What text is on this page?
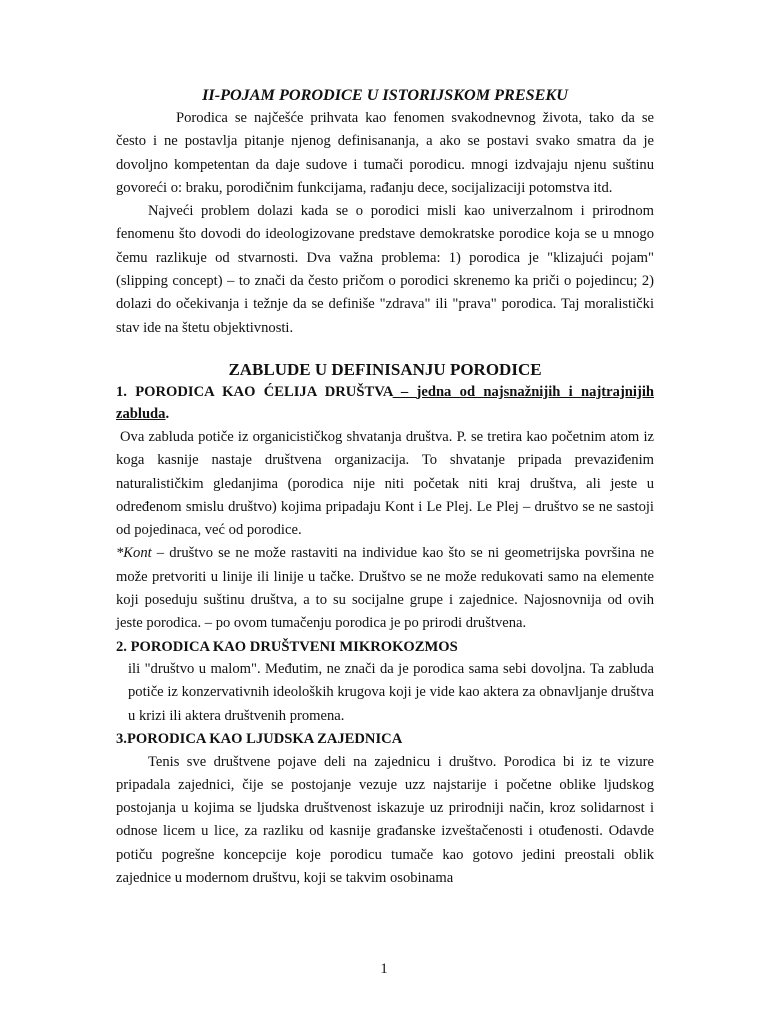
II-POJAM PORODICE U ISTORIJSKOM PRESEKU

Porodica se najčešće prihvata kao fenomen svakodnevnog života, tako da se često i ne postavlja pitanje njenog definisananja, a ako se postavi svako smatra da je dovoljno kompetentan da daje sudove i tumači porodicu. mnogi izdvajaju njenu suštinu govoreći o: braku, porodičnim funkcijama, rađanju dece, socijalizaciji potomstva itd.

Najveći problem dolazi kada se o porodici misli kao univerzalnom i prirodnom fenomenu što dovodi do ideologizovane predstave demokratske porodice koja se u mnogo čemu razlikuje od stvarnosti. Dva važna problema: 1) porodica je "klizajući pojam" (slipping concept) – to znači da često pričom o porodici skrenemo ka priči o pojedincu; 2) dolazi do očekivanja i težnje da se definiše "zdrava" ili "prava" porodica. Taj moralistički stav ide na štetu objektivnosti.

ZABLUDE U DEFINISANJU PORODICE

1. PORODICA KAO ĆELIJA DRUŠTVA – jedna od najsnažnijih i najtrajnijih zabluda.

Ova zabluda potiče iz organicističkog shvatanja društva. P. se tretira kao početnim atom iz koga kasnije nastaje društvena organizacija. To shvatanje pripada prevaziđenim naturalističkim gledanjima (porodica nije niti početak niti kraj društva, ali jeste u određenom smislu društvo) kojima pripadaju Kont i Le Plej. Le Plej – društvo se ne sastoji od pojedinaca, već od porodice.

*Kont – društvo se ne može rastaviti na individue kao što se ni geometrijska površina ne može pretvoriti u linije ili linije u tačke. Društvo se ne može redukovati samo na elemente koji poseduju suštinu društva, a to su socijalne grupe i zajednice. Najosnovnija od ovih jeste porodica. – po ovom tumačenju porodica je po prirodi društvena.

2. PORODICA KAO DRUŠTVENI MIKROKOZMOS

ili "društvo u malom". Međutim, ne znači da je porodica sama sebi dovoljna. Ta zabluda potiče iz konzervativnih ideoloških krugova koji je vide kao aktera za obnavljanje društva u krizi ili aktera društvenih promena.

3.PORODICA KAO LJUDSKA ZAJEDNICA

Tenis sve društvene pojave deli na zajednicu i društvo. Porodica bi iz te vizure pripadala zajednici, čije se postojanje vezuje uzz najstarije i početne oblike ljudskog postojanja u kojima se ljudska društvenost iskazuje uz prirodniji način, kroz solidarnost i odnose licem u lice, za razliku od kasnije građanske izveštačenosti i otuđenosti. Odavde potiču pogrešne koncepcije koje porodicu tumače kao gotovo jedini preostali oblik zajednice u modernom društvu, koji se takvim osobinama

1
